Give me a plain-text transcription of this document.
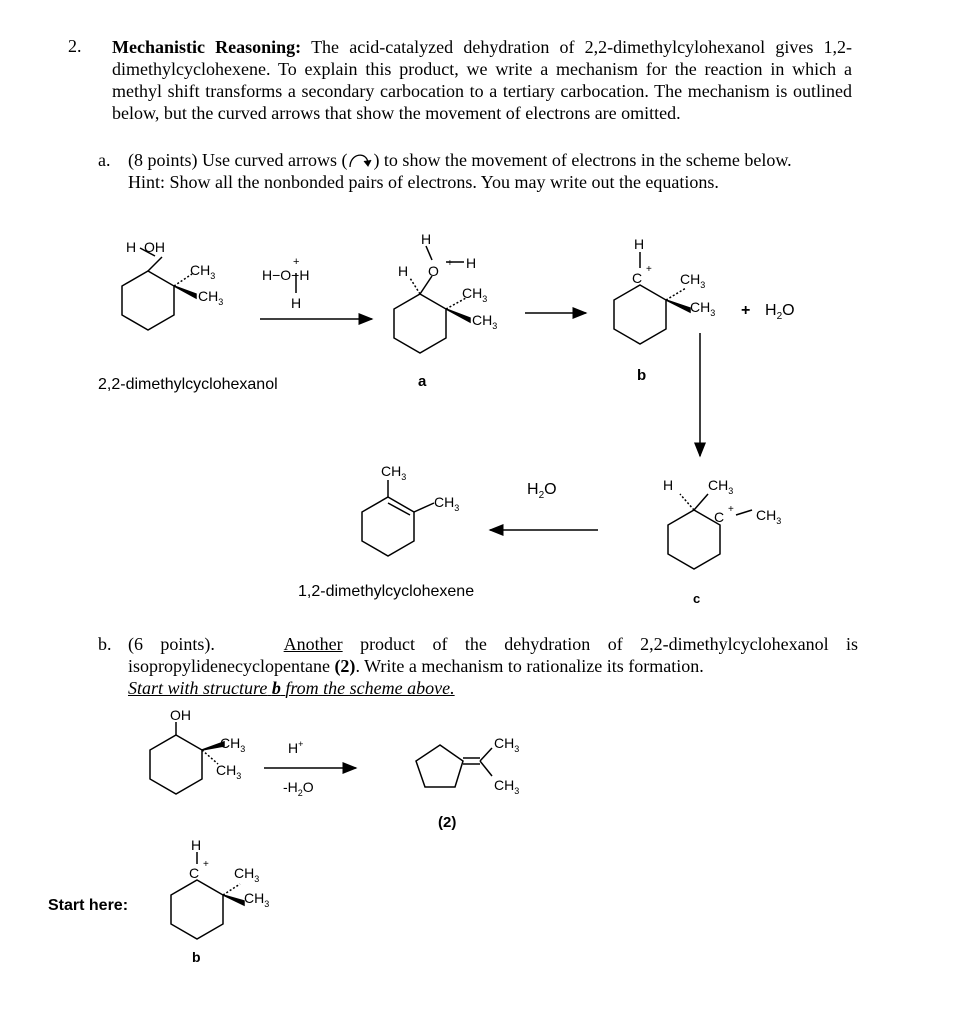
2. Mechanistic Reasoning: The acid-catalyzed dehydration of 2,2-dimethylcylohexanol gives 1,2-dimethylcyclohexene. To explain this product, we write a mechanism for the reaction in which a methyl shift transforms a secondary carbocation to a tertiary carbocation. The mechanism is outlined below, but the curved arrows that show the movement of electrons are omitted.
a. (8 points) Use curved arrows ( ) to show the movement of electrons in the scheme below.
Hint: Show all the nonbonded pairs of electrons. You may write out the equations.
b. (6 points).	Another product of the dehydration of 2,2-dimethylcyclohexanol is isopropylidenecyclopentane (2). Write a mechanism to rationalize its formation.
Start with structure b from the scheme above.
H OH
$CH_3$
$CH_3$
+
H−O−H
H
2,2-dimethylcyclohexanol
H
H O + H
$CH_3$
$CH_3$
a
H
C
+
$CH_3$
$CH_3 + H_2O$
b
H $CH_3$
$C + CH_3$
c
$H_2O$
$CH_3$
$CH_3$
1,2-dimethylcyclohexene
OH
$CH_3$
$CH_3$
H+
$-H_2O$
$CH_3$
$CH_3$
(2)
Start here:
H
C
+
$CH_3$
$CH_3$
b
